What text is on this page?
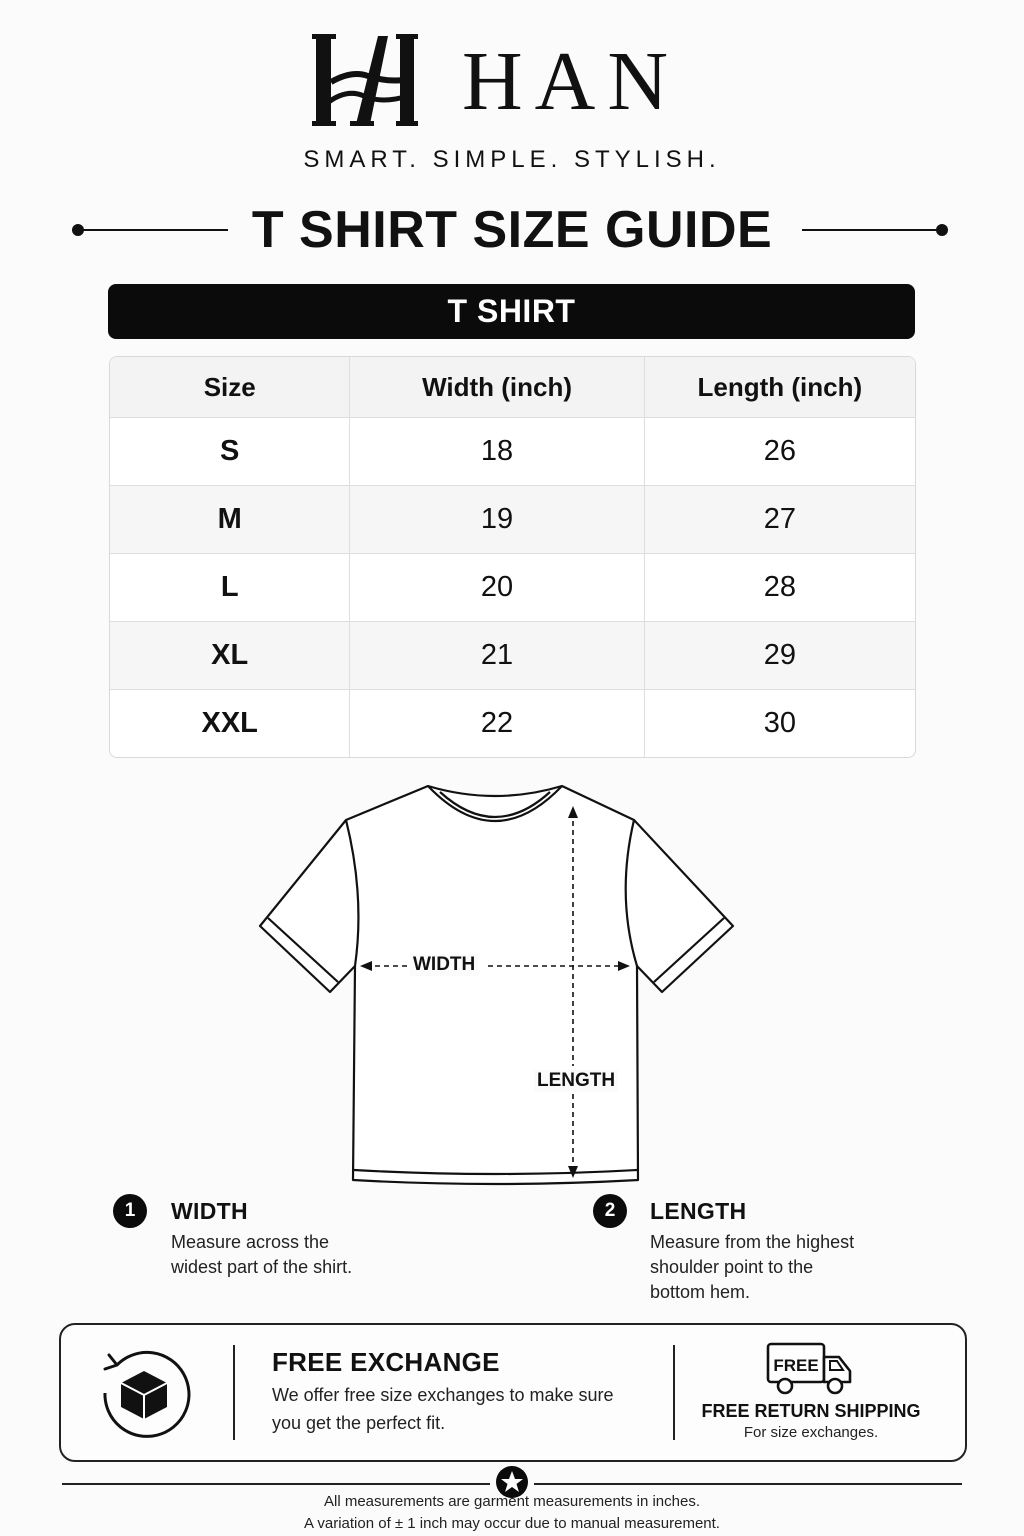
HA
HAN
SMART. SIMPLE. STYLISH.
T SHIRT SIZE GUIDE
T SHIRT
Size	Width (inch)	Length (inch)
S	18	26
M	19	27
L	20	28
XL	21	29
XXL	22	30
WIDTH
LENGTH
1	WIDTH
Measure across the
widest part of the shirt.
2	LENGTH
Measure from the highest
shoulder point to the
bottom hem.
FREE EXCHANGE
We offer free size exchanges to make sure
you get the perfect fit.
FREE
FREE RETURN SHIPPING
For size exchanges.
All measurements are garment measurements in inches.
A variation of ± 1 inch may occur due to manual measurement.
